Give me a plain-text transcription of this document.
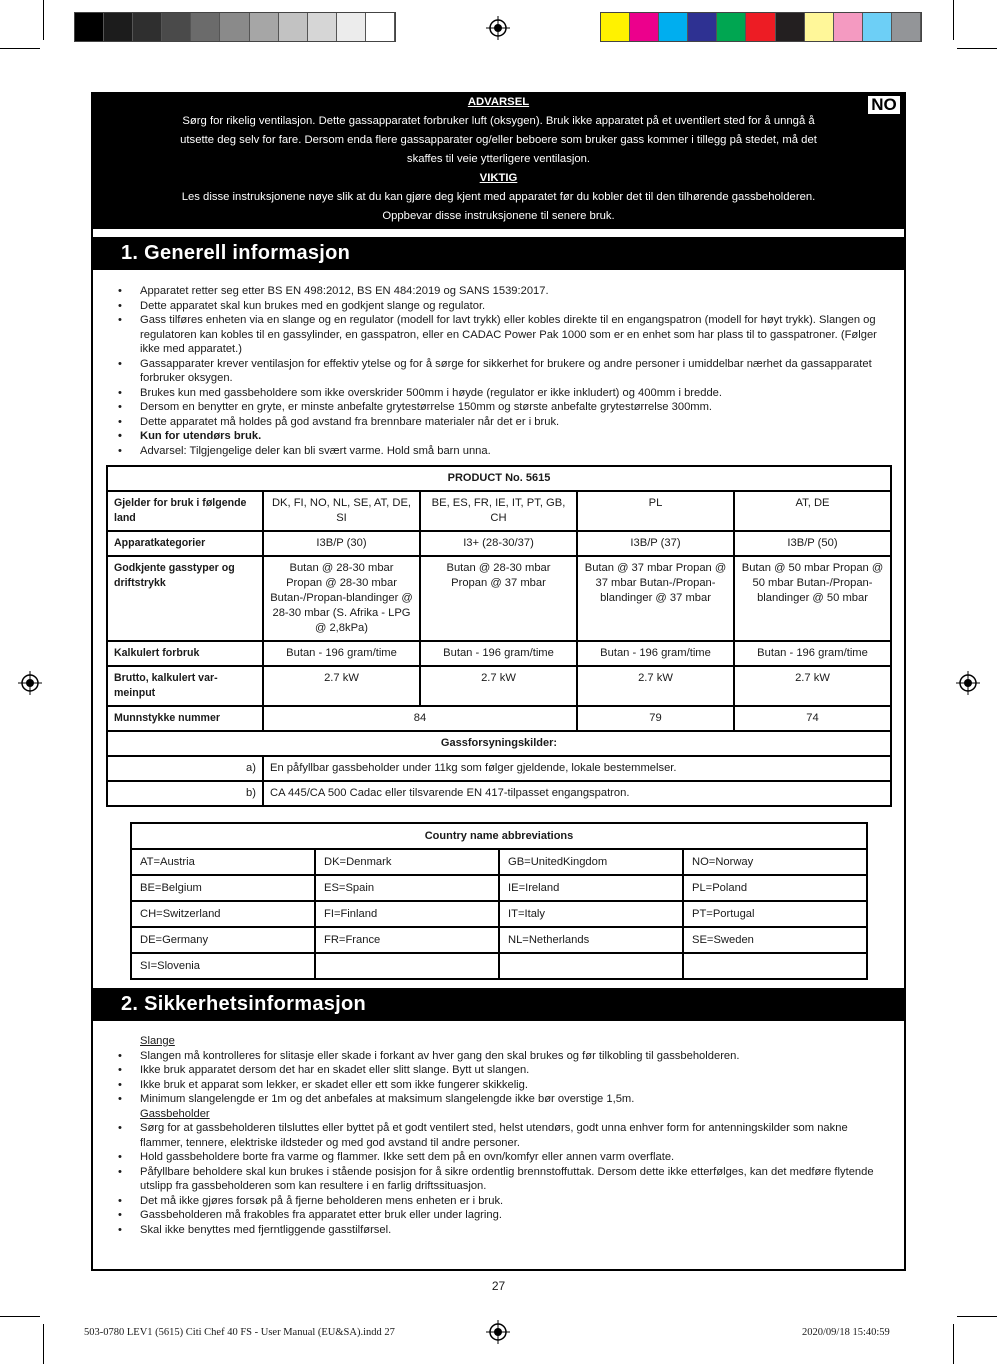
ADVARSEL
Sørg for rikelig ventilasjon. Dette gassapparatet forbruker luft (oksygen). Bruk ikke apparatet på et uventilert sted for å unngå å
utsette deg selv for fare. Dersom enda flere gassapparater og/eller beboere som bruker gass kommer i tillegg på stedet, må det
skaffes til veie ytterligere ventilasjon.
VIKTIG
Les disse instruksjonene nøye slik at du kan gjøre deg kjent med apparatet før du kobler det til den tilhørende gassbeholderen.
Oppbevar disse instruksjonene til senere bruk.
NO
1. Generell informasjon
• Apparatet retter seg etter BS EN 498:2012, BS EN 484:2019 og SANS 1539:2017.
• Dette apparatet skal kun brukes med en godkjent slange og regulator.
• Gass tilføres enheten via en slange og en regulator (modell for lavt trykk) eller kobles direkte til en engangspatron (modell for høyt trykk). Slangen og regulatoren kan kobles til en gassylinder, en gasspatron, eller en CADAC Power Pak 1000 som er en enhet som har plass til to gasspatroner. (Følger ikke med apparatet.)
• Gassapparater krever ventilasjon for effektiv ytelse og for å sørge for sikkerhet for brukere og andre personer i umiddelbar nærhet da gassapparatet forbruker oksygen.
• Brukes kun med gassbeholdere som ikke overskrider 500mm i høyde (regulator er ikke inkludert) og 400mm i bredde.
• Dersom en benytter en gryte, er minste anbefalte grytestørrelse 150mm og største anbefalte grytestørrelse 300mm.
• Dette apparatet må holdes på god avstand fra brennbare materialer når det er i bruk.
• Kun for utendørs bruk.
• Advarsel: Tilgjengelige deler kan bli svært varme. Hold små barn unna.
PRODUCT No. 5615				
Gjelder for bruk i følgende land	DK, FI, NO, NL, SE, AT, DE, SI	BE, ES, FR, IE, IT, PT, GB, CH	PL	AT, DE
Apparatkategorier	I3B/P (30)	I3+ (28-30/37)	I3B/P (37)	I3B/P (50)
Godkjente gasstyper og driftstrykk	Butan @ 28-30 mbar Propan @ 28-30 mbar Butan-/Propan-blandinger @ 28-30 mbar (S. Afrika - LPG @ 2,8kPa)	Butan @ 28-30 mbar Propan @ 37 mbar	Butan @ 37 mbar Propan @ 37 mbar Butan-/Propan-blandinger @ 37 mbar	Butan @ 50 mbar Propan @ 50 mbar Butan-/Propan-blandinger @ 50 mbar
Kalkulert forbruk	Butan - 196 gram/time	Butan - 196 gram/time	Butan - 196 gram/time	Butan - 196 gram/time
Brutto, kalkulert var-meinput	2.7 kW	2.7 kW	2.7 kW	2.7 kW
Munnstykke nummer	84		79	74
Gassforsyningskilder:				
a)	En påfyllbar gassbeholder under 11kg som følger gjeldende, lokale bestemmelser.			
b)	CA 445/CA 500 Cadac eller tilsvarende EN 417-tilpasset engangspatron.			
Country name abbreviations			
AT=Austria	DK=Denmark	GB=UnitedKingdom	NO=Norway
BE=Belgium	ES=Spain	IE=Ireland	PL=Poland
CH=Switzerland	FI=Finland	IT=Italy	PT=Portugal
DE=Germany	FR=France	NL=Netherlands	SE=Sweden
SI=Slovenia			
2. Sikkerhetsinformasjon
Slange
• Slangen må kontrolleres for slitasje eller skade i forkant av hver gang den skal brukes og før tilkobling til gassbeholderen.
• Ikke bruk apparatet dersom det har en skadet eller slitt slange. Bytt ut slangen.
• Ikke bruk et apparat som lekker, er skadet eller ett som ikke fungerer skikkelig.
• Minimum slangelengde er 1m og det anbefales at maksimum slangelengde ikke bør overstige 1,5m.
Gassbeholder
• Sørg for at gassbeholderen tilsluttes eller byttet på et godt ventilert sted, helst utendørs, godt unna enhver form for antenningskilder som nakne flammer, tennere, elektriske ildsteder og med god avstand til andre personer.
• Hold gassbeholdere borte fra varme og flammer. Ikke sett dem på en ovn/komfyr eller annen varm overflate.
• Påfyllbare beholdere skal kun brukes i stående posisjon for å sikre ordentlig brennstoffuttak. Dersom dette ikke etterfølges, kan det medføre flytende utslipp fra gassbeholderen som kan resultere i en farlig driftssituasjon.
• Det må ikke gjøres forsøk på å fjerne beholderen mens enheten er i bruk.
• Gassbeholderen må frakobles fra apparatet etter bruk eller under lagring.
• Skal ikke benyttes med fjerntliggende gasstilførsel.
27
503-0780 LEV1 (5615) Citi Chef 40 FS - User Manual (EU&SA).indd 27	2020/09/18 15:40:59
